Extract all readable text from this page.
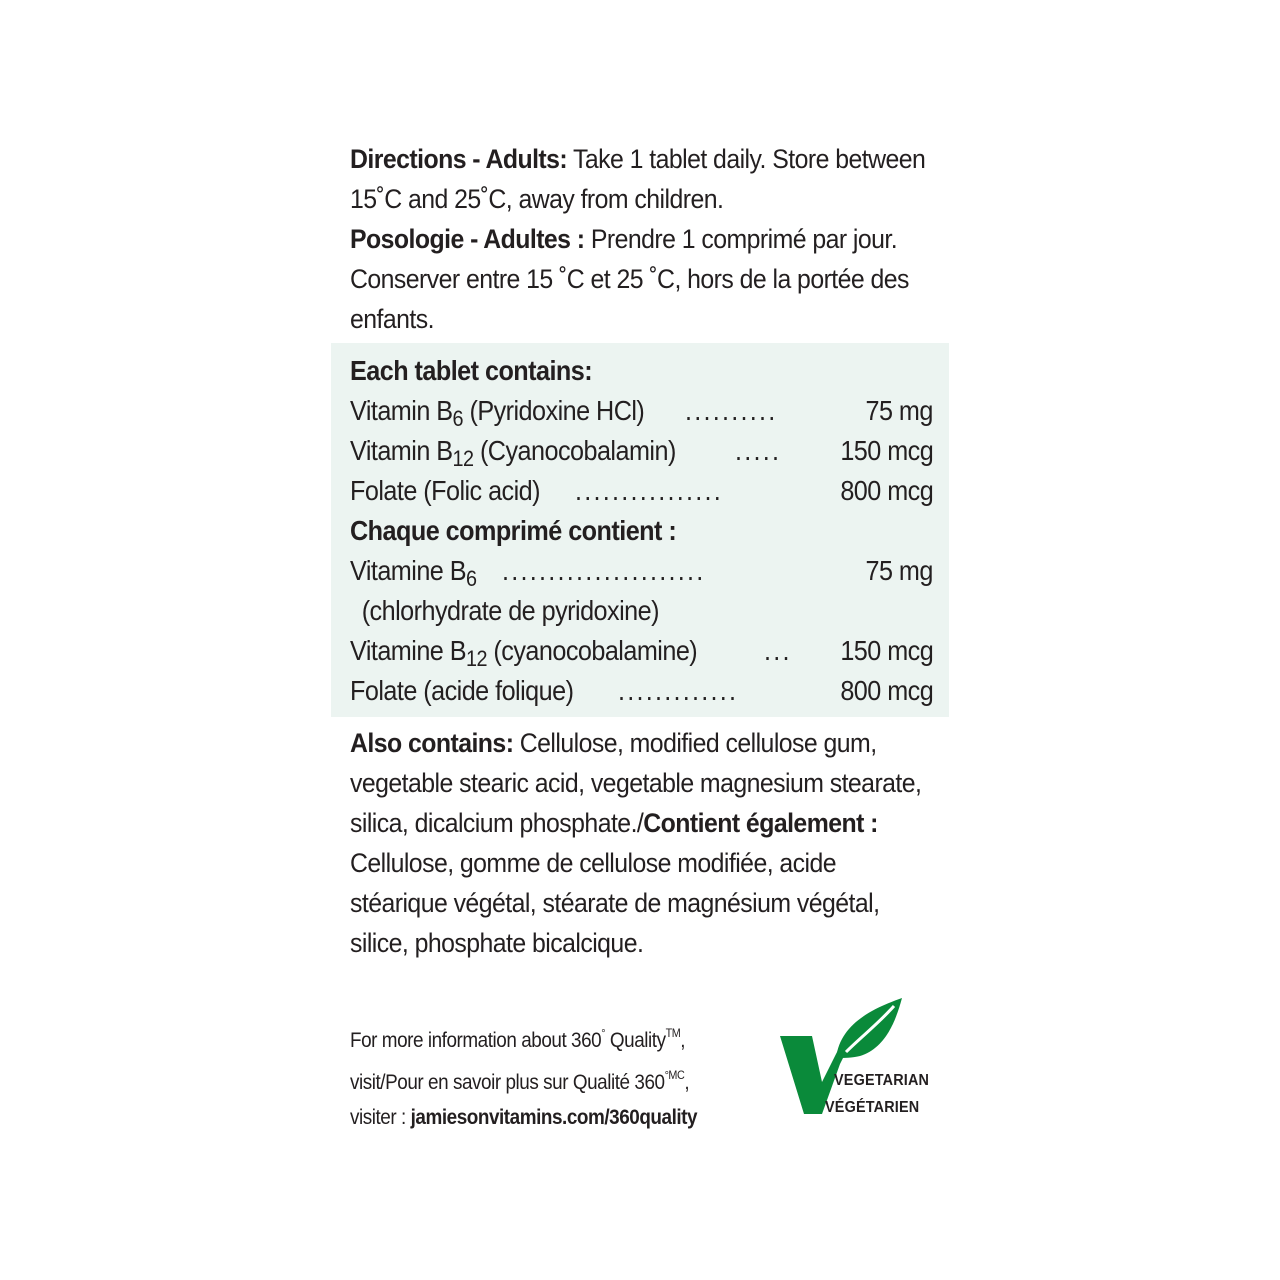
Directions - Adults: Take 1 tablet daily. Store between 15˚C and 25˚C, away from children.
Posologie - Adultes : Prendre 1 comprimé par jour. Conserver entre 15 ˚C et 25 ˚C, hors de la portée des enfants.
Each tablet contains:
Vitamin $B_6$ (Pyridoxine HCl) ..........	75 mg
Vitamin $B_{12}$ (Cyanocobalamin) ..... 150 mcg
Folate (Folic acid) ................	800 mcg
Chaque comprimé contient :
Vitamine $B_6$ ......................	75 mg
(chlorhydrate de pyridoxine)
Vitamine $B_{12}$ (cyanocobalamine) ... 150 mcg
Folate (acide folique) .............	800 mcg
Also contains: Cellulose, modified cellulose gum, vegetable stearic acid, vegetable magnesium stearate, silica, dicalcium phosphate./Contient également : Cellulose, gomme de cellulose modifiée, acide stéarique végétal, stéarate de magnésium végétal, silice, phosphate bicalcique.
For more information about 360° Quality™,
visit/Pour en savoir plus sur Qualité $360^{^\circ MC}$,
visiter : jamiesonvitamins.com/360quality
VEGETARIAN
VÉGÉTARIEN
